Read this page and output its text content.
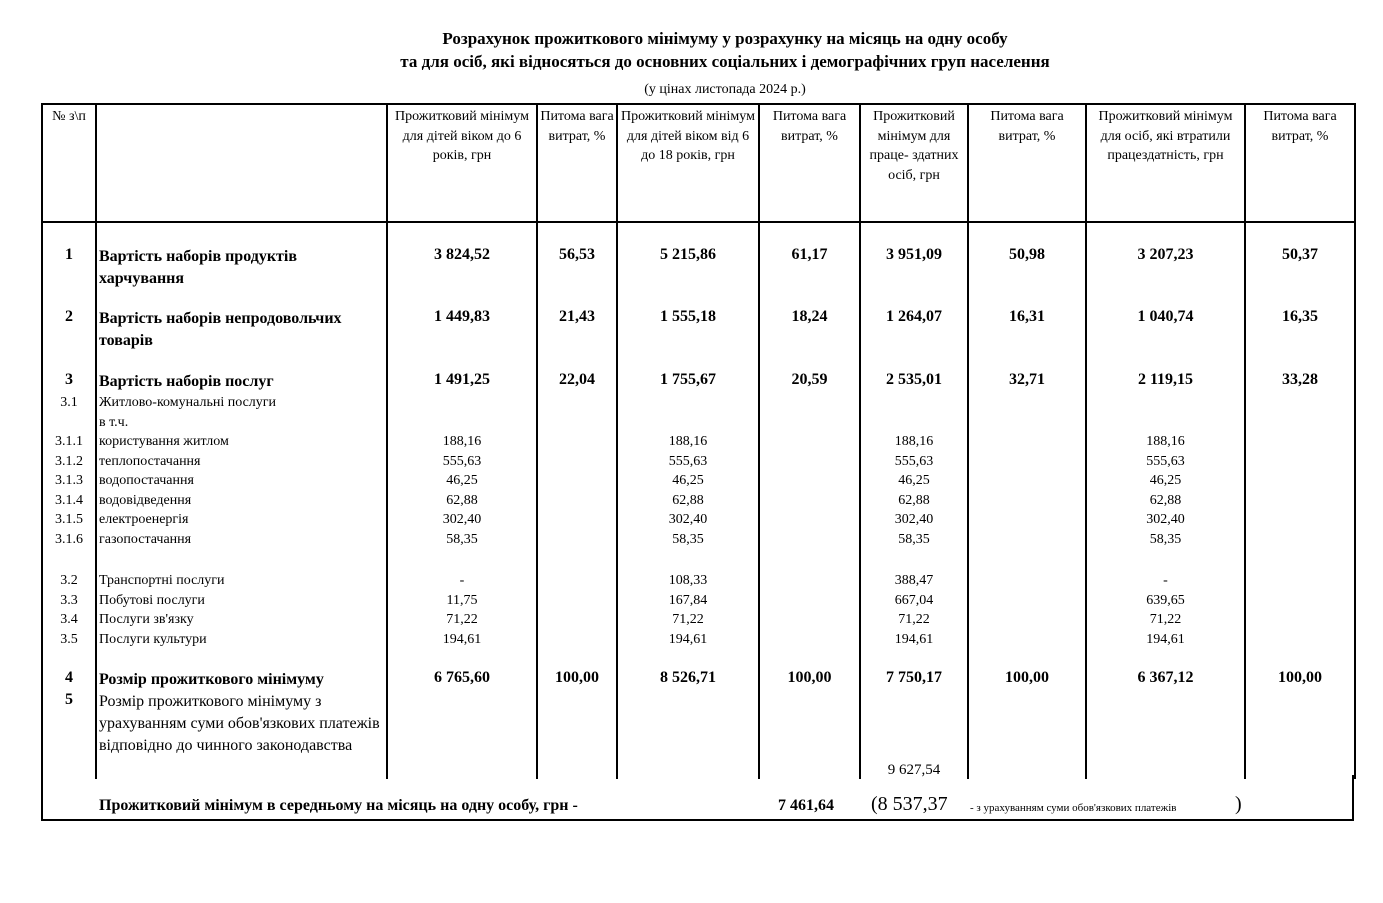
Розрахунок прожиткового мінімуму у розрахунку на місяць на одну особу
та для осіб, які відносяться до основних соціальних і демографічних груп населення
(у цінах листопада 2024 р.)
№ з\п		Прожитковий мінімум для дітей віком до 6 років, грн	Питома вага витрат, %	Прожитковий мінімум для дітей віком від 6 до 18 років, грн	Питома вага витрат, %	Прожитковий мінімум для праце- здатних осіб, грн	Питома вага витрат, %	Прожитковий мінімум для осіб, які втратили працездатність, грн	Питома вага витрат, %

1	Вартість наборів продуктів харчування	3 824,52	56,53	5 215,86	61,17	3 951,09	50,98	3 207,23	50,37
2	Вартість наборів непродовольчих товарів	1 449,83	21,43	1 555,18	18,24	1 264,07	16,31	1 040,74	16,35
3	Вартість наборів послуг	1 491,25	22,04	1 755,67	20,59	2 535,01	32,71	2 119,15	33,28
3.1	Житлово-комунальні послуги								
	в т.ч.								
3.1.1	користування житлом	188,16		188,16		188,16		188,16	
3.1.2	теплопостачання	555,63		555,63		555,63		555,63	
3.1.3	водопостачання	46,25		46,25		46,25		46,25	
3.1.4	водовідведення	62,88		62,88		62,88		62,88	
3.1.5	електроенергія	302,40		302,40		302,40		302,40	
3.1.6	газопостачання	58,35		58,35		58,35		58,35	

3.2	Транспортні послуги	-		108,33		388,47		-	
3.3	Побутові послуги	11,75		167,84		667,04		639,65	
3.4	Послуги зв'язку	71,22		71,22		71,22		71,22	
3.5	Послуги культури	194,61		194,61		194,61		194,61	

4	Розмір прожиткового мінімуму	6 765,60	100,00	8 526,71	100,00	7 750,17	100,00	6 367,12	100,00
5	Розмір прожиткового мінімуму з урахуванням суми обов'язкових платежів відповідно до чинного законодавства					9 627,54			
Прожитковий мінімум в середньому на місяць на одну особу, грн -	7 461,64 (8 537,37 - з урахуванням суми обов'язкових платежів	)
